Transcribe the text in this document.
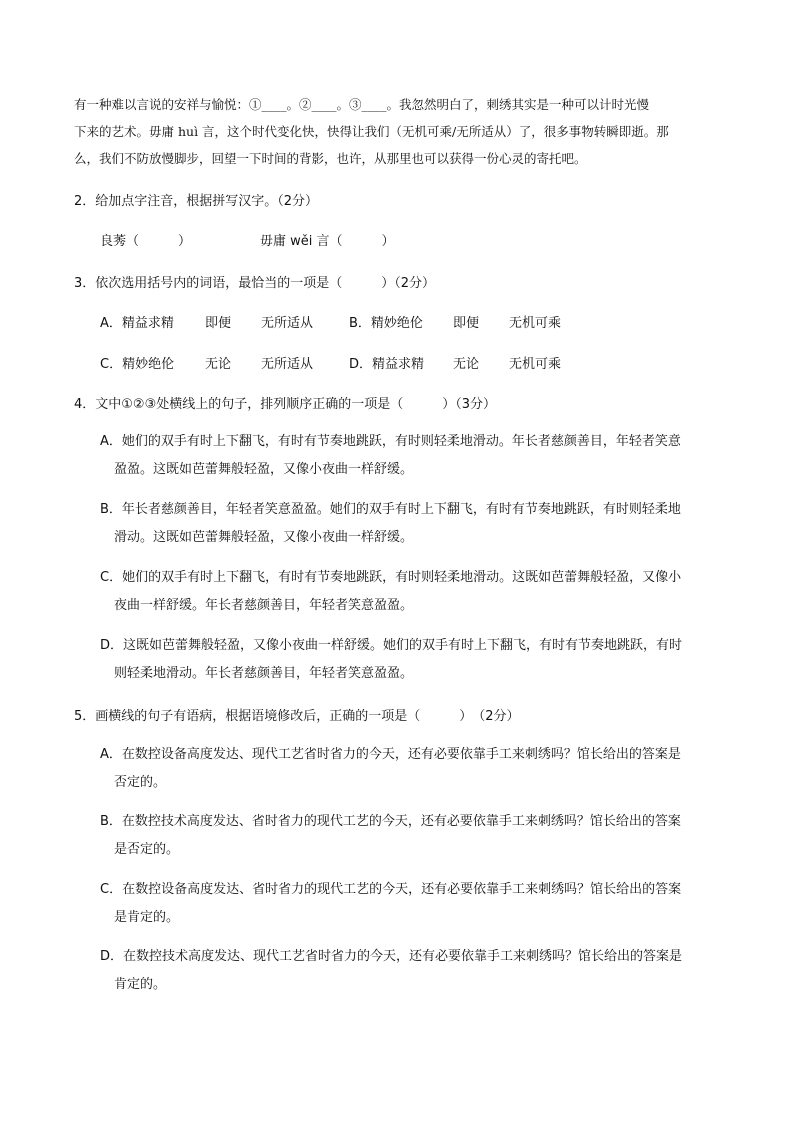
有一种难以言说的安祥与愉悦：①____。②____。③____。我忽然明白了，刺绣其实是一种可以计时光慢
下来的艺术。毋庸 huì 言，这个时代变化快，快得让我们（无机可乘/无所适从）了，很多事物转瞬即逝。那
么，我们不防放慢脚步，回望一下时间的背影，也许，从那里也可以获得一份心灵的寄托吧。
2．给加点字注音，根据拼写汉字。（2分）
良莠（　　　）	毋庸 wěi 言（　　　）
3．依次选用括号内的词语，最恰当的一项是（　　　）（2分）
A．精益求精 即便 无所适从	B．精妙绝伦 即便 无机可乘
C．精妙绝伦 无论 无所适从	D．精益求精 无论 无机可乘
4．文中①②③处横线上的句子，排列顺序正确的一项是（　　　）（3分）
A．她们的双手有时上下翻飞，有时有节奏地跳跃，有时则轻柔地滑动。年长者慈颜善目，年轻者笑意
盈盈。这既如芭蕾舞般轻盈，又像小夜曲一样舒缓。
B．年长者慈颜善目，年轻者笑意盈盈。她们的双手有时上下翻飞，有时有节奏地跳跃，有时则轻柔地
滑动。这既如芭蕾舞般轻盈，又像小夜曲一样舒缓。
C．她们的双手有时上下翻飞，有时有节奏地跳跃，有时则轻柔地滑动。这既如芭蕾舞般轻盈，又像小
夜曲一样舒缓。年长者慈颜善目，年轻者笑意盈盈。
D．这既如芭蕾舞般轻盈，又像小夜曲一样舒缓。她们的双手有时上下翻飞，有时有节奏地跳跃，有时
则轻柔地滑动。年长者慈颜善目，年轻者笑意盈盈。
5．画横线的句子有语病，根据语境修改后，正确的一项是（　　　）　（2分）
A．在数控设备高度发达、现代工艺省时省力的今天，还有必要依靠手工来刺绣吗？馆长给出的答案是
否定的。
B．在数控技术高度发达、省时省力的现代工艺的今天，还有必要依靠手工来刺绣吗？馆长给出的答案
是否定的。
C．在数控设备高度发达、省时省力的现代工艺的今天，还有必要依靠手工来刺绣吗？馆长给出的答案
是肯定的。
D．在数控技术高度发达、现代工艺省时省力的今天，还有必要依靠手工来刺绣吗？馆长给出的答案是
肯定的。
